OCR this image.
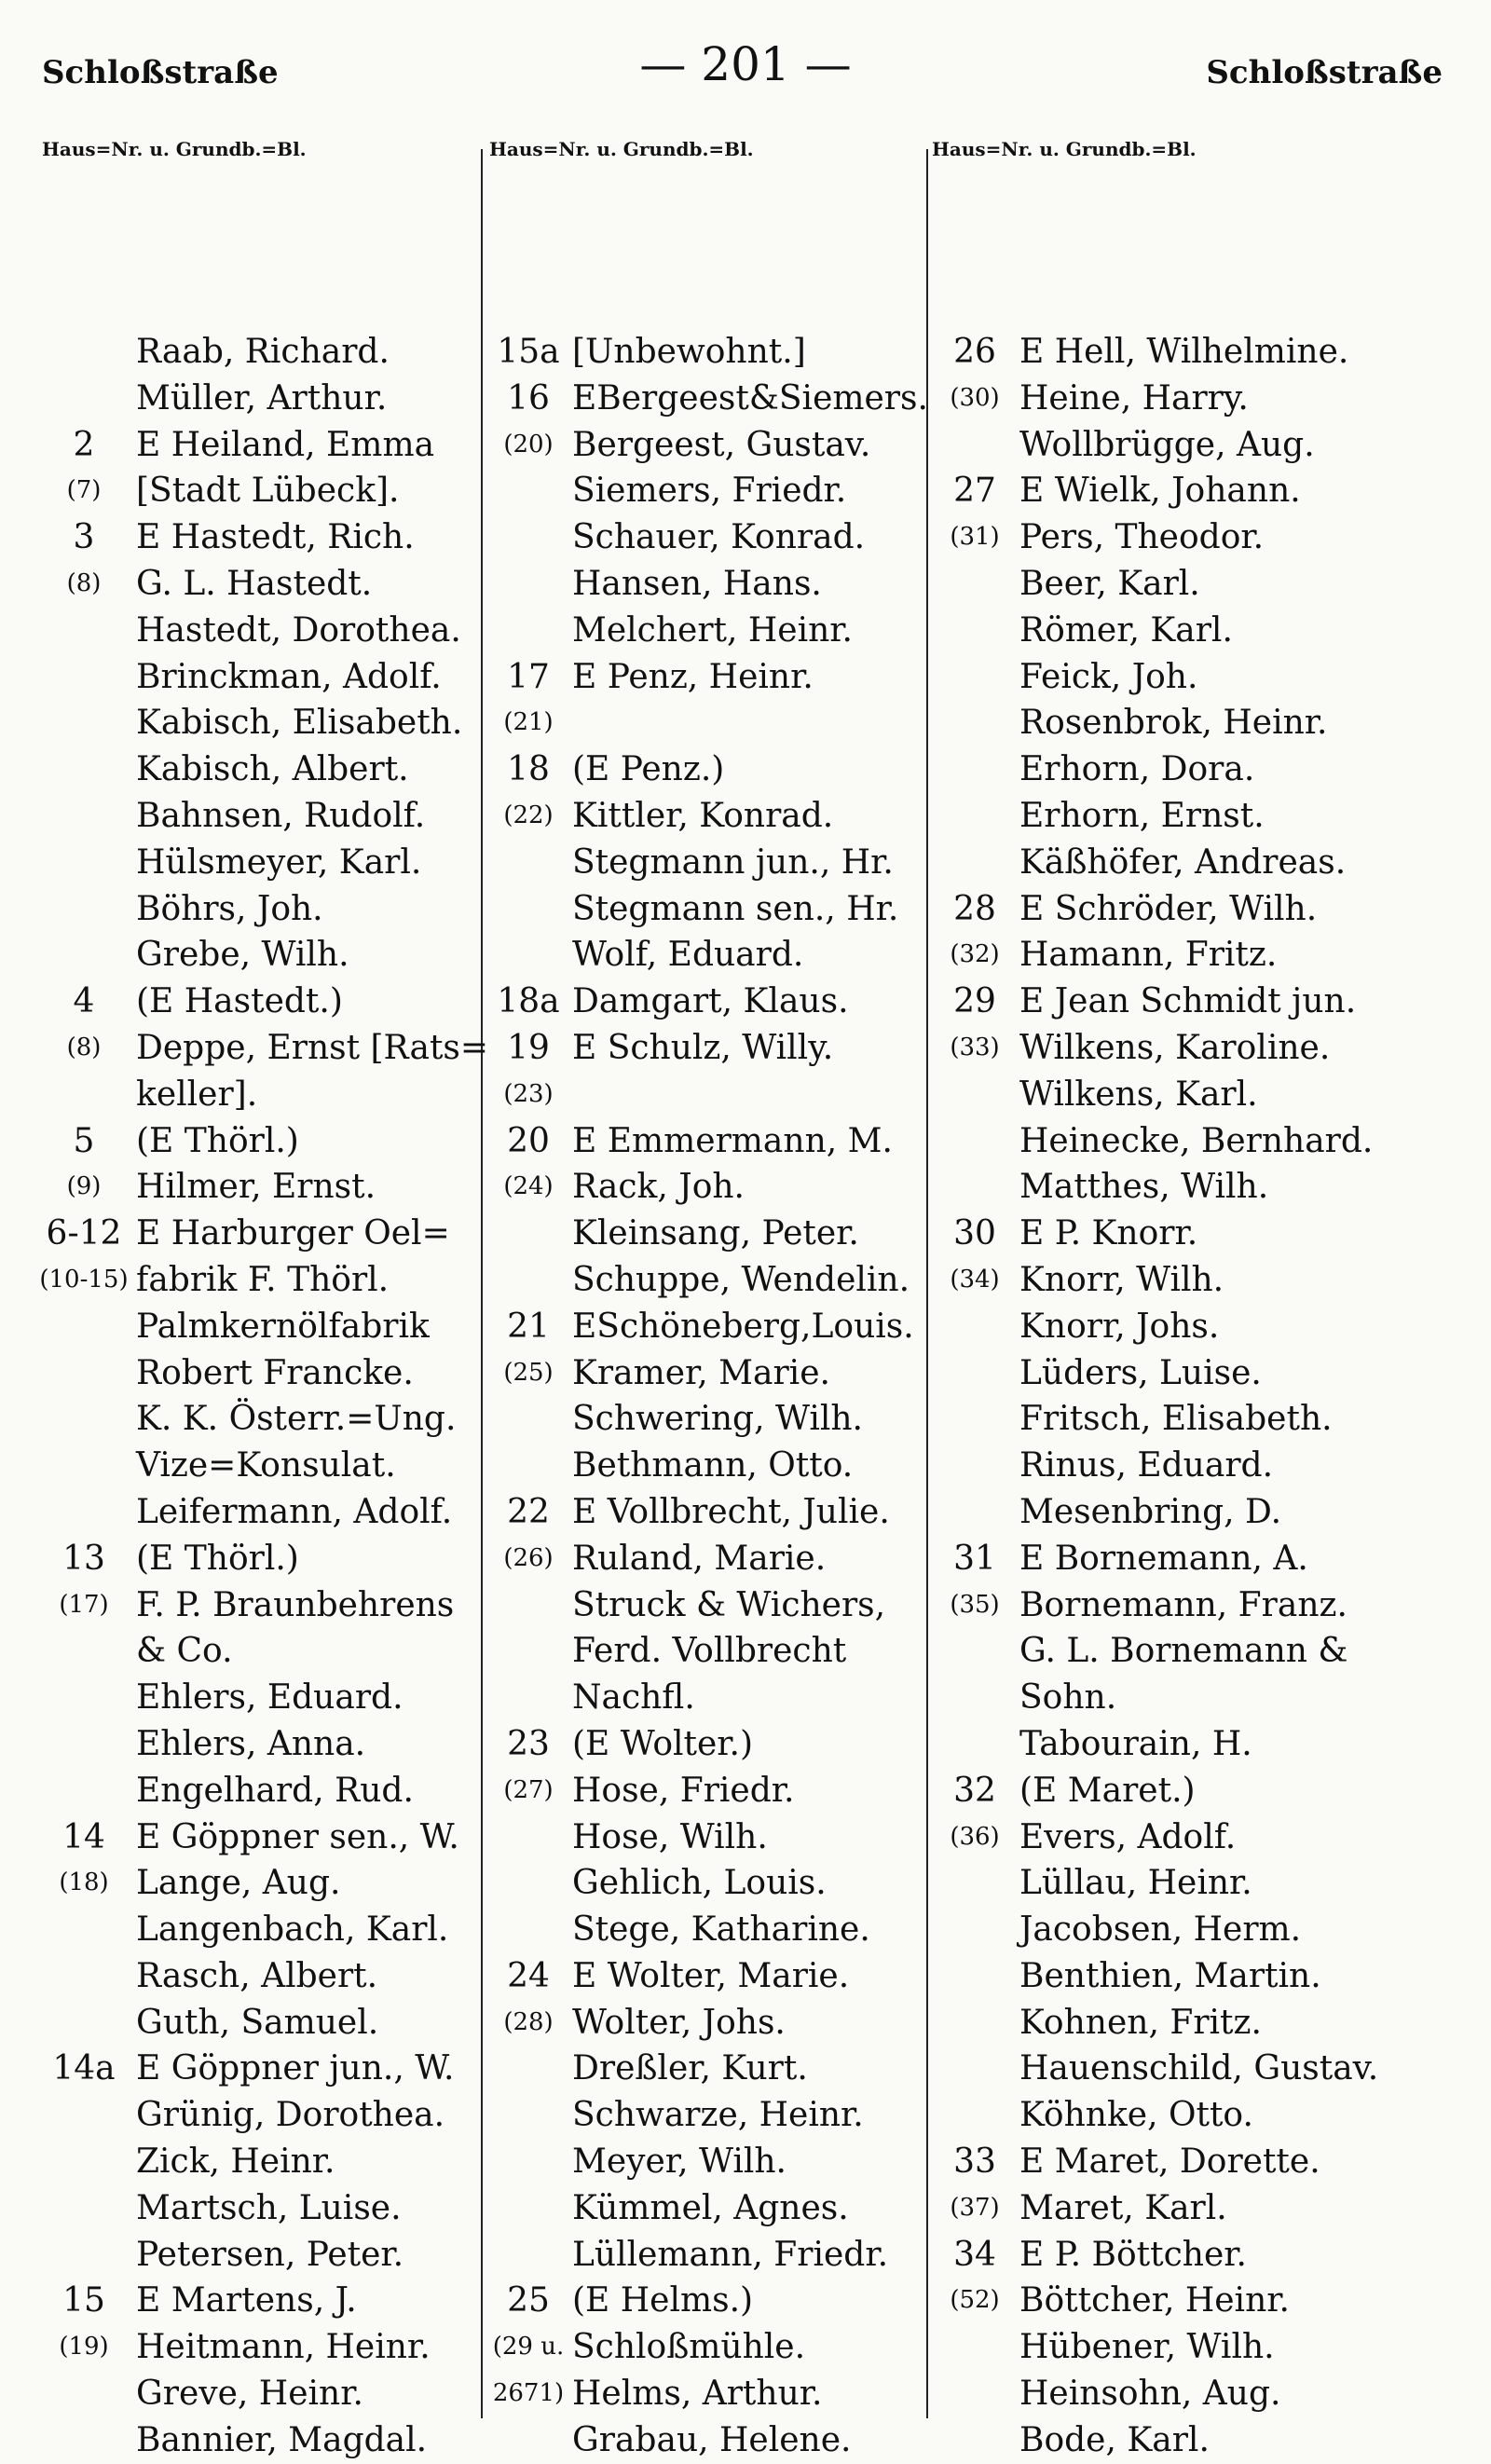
Schloßstraße	— 201 —	Schloßstraße
Haus=Nr. u. Grundb.=Bl.	Haus=Nr. u. Grundb.=Bl.	Haus=Nr. u. Grundb.=Bl.
Raab, Richard.
Müller, Arthur.
2	E Heiland, Emma
(7)	[Stadt Lübeck].
3	E Hastedt, Rich.
(8)	G. L. Hastedt.
Hastedt, Dorothea.
Brinckman, Adolf.
Kabisch, Elisabeth.
Kabisch, Albert.
Bahnsen, Rudolf.
Hülsmeyer, Karl.
Böhrs, Joh.
Grebe, Wilh.
4	(E Hastedt.)
(8)	Deppe, Ernst [Rats=
keller].
5	(E Thörl.)
(9)	Hilmer, Ernst.
6-12 E Harburger Oel=
(10-15) fabrik F. Thörl.
Palmkernölfabrik
Robert Francke.
K. K. Österr.=Ung.
Vize=Konsulat.
Leifermann, Adolf.
13 (E Thörl.)
(17) F. P. Braunbehrens
& Co.
Ehlers, Eduard.
Ehlers, Anna.
Engelhard, Rud.
14 E Göppner sen., W.
(18) Lange, Aug.
Langenbach, Karl.
Rasch, Albert.
Guth, Samuel.
14a E Göppner jun., W.
Grünig, Dorothea.
Zick, Heinr.
Martsch, Luise.
Petersen, Peter.
15 E Martens, J.
(19) Heitmann, Heinr.
Greve, Heinr.
Bannier, Magdal.
15a [Unbewohnt.]
16 EBergeest&Siemers.
(20) Bergeest, Gustav.
Siemers, Friedr.
Schauer, Konrad.
Hansen, Hans.
Melchert, Heinr.
17 E Penz, Heinr.
(21)
18 (E Penz.)
(22) Kittler, Konrad.
Stegmann jun., Hr.
Stegmann sen., Hr.
Wolf, Eduard.
18a Damgart, Klaus.
19 E Schulz, Willy.
(23)
20 E Emmermann, M.
(24) Rack, Joh.
Kleinsang, Peter.
Schuppe, Wendelin.
21 ESchöneberg,Louis.
(25) Kramer, Marie.
Schwering, Wilh.
Bethmann, Otto.
22 E Vollbrecht, Julie.
(26) Ruland, Marie.
Struck & Wichers,
Ferd. Vollbrecht
Nachfl.
23 (E Wolter.)
(27) Hose, Friedr.
Hose, Wilh.
Gehlich, Louis.
Stege, Katharine.
24 E Wolter, Marie.
(28) Wolter, Johs.
Dreßler, Kurt.
Schwarze, Heinr.
Meyer, Wilh.
Kümmel, Agnes.
Lüllemann, Friedr.
25 (E Helms.)
(29 u. Schloßmühle.
2671) Helms, Arthur.
Grabau, Helene.
26 E Hell, Wilhelmine.
(30) Heine, Harry.
Wollbrügge, Aug.
27 E Wielk, Johann.
(31) Pers, Theodor.
Beer, Karl.
Römer, Karl.
Feick, Joh.
Rosenbrok, Heinr.
Erhorn, Dora.
Erhorn, Ernst.
Käßhöfer, Andreas.
28 E Schröder, Wilh.
(32) Hamann, Fritz.
29 E Jean Schmidt jun.
(33) Wilkens, Karoline.
Wilkens, Karl.
Heinecke, Bernhard.
Matthes, Wilh.
30 E P. Knorr.
(34) Knorr, Wilh.
Knorr, Johs.
Lüders, Luise.
Fritsch, Elisabeth.
Rinus, Eduard.
Mesenbring, D.
31 E Bornemann, A.
(35) Bornemann, Franz.
G. L. Bornemann &
Sohn.
Tabourain, H.
32 (E Maret.)
(36) Evers, Adolf.
Lüllau, Heinr.
Jacobsen, Herm.
Benthien, Martin.
Kohnen, Fritz.
Hauenschild, Gustav.
Köhnke, Otto.
33 E Maret, Dorette.
(37) Maret, Karl.
34 E P. Böttcher.
(52) Böttcher, Heinr.
Hübener, Wilh.
Heinsohn, Aug.
Bode, Karl.
